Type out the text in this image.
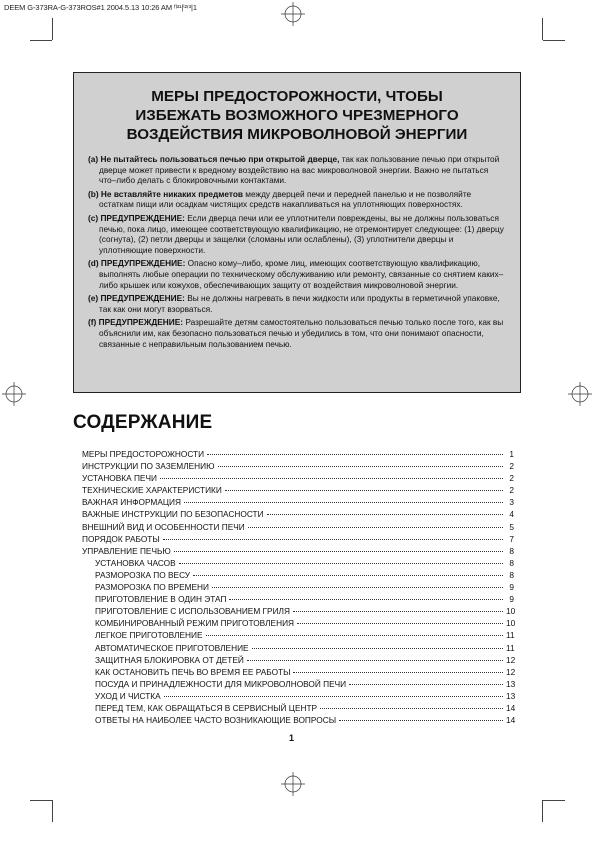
DEEM G-373RA-G-373ROS#1 2004.5.13 10:26 AM ᶠˡ³¹|ⁱ²ʳ³|1
МЕРЫ ПРЕДОСТОРОЖНОСТИ, ЧТОБЫ
ИЗБЕЖАТЬ ВОЗМОЖНОГО ЧРЕЗМЕРНОГО
ВОЗДЕЙСТВИЯ МИКРОВОЛНОВОЙ ЭНЕРГИИ
(a) Не пытайтесь пользоваться печью при открытой дверце, так как пользование печью при открытой дверце может привести к вредному воздействию на вас микроволновой энергии. Важно не пытаться что–либо делать с блокировочными контактами.
(b) Не вставляйте никаких предметов между дверцей печи и передней панелью и не позволяйте остаткам пищи или осадкам чистящих средств накапливаться на уплотняющих поверхностях.
(c) ПРЕДУПРЕЖДЕНИЕ: Если дверца печи или ее уплотнители повреждены, вы не должны пользоваться печью, пока лицо, имеющее соответствующую квалификацию, не отремонтирует следующее: (1) дверцу (согнута), (2) петли дверцы и защелки (сломаны или ослаблены), (3) уплотнители дверцы и уплотняющие поверхности.
(d) ПРЕДУПРЕЖДЕНИЕ: Опасно кому–либо, кроме лиц, имеющих соответствующую квалификацию, выполнять любые операции по техническому обслуживанию или ремонту, связанные со снятием каких–либо крышек или кожухов, обеспечивающих защиту от воздействия микроволновой энергии.
(e) ПРЕДУПРЕЖДЕНИЕ: Вы не должны нагревать в печи жидкости или продукты в герметичной упаковке, так как они могут взорваться.
(f) ПРЕДУПРЕЖДЕНИЕ: Разрешайте детям самостоятельно пользоваться печью только после того, как вы объяснили им, как безопасно пользоваться печью и убедились в том, что они понимают опасности, связанные с неправильным пользованием печью.
СОДЕРЖАНИЕ
МЕРЫ ПРЕДОСТОРОЖНОСТИ	1
ИНСТРУКЦИИ ПО ЗАЗЕМЛЕНИЮ	2
УСТАНОВКА ПЕЧИ	2
ТЕХНИЧЕСКИЕ ХАРАКТЕРИСТИКИ	2
ВАЖНАЯ ИНФОРМАЦИЯ	3
ВАЖНЫЕ ИНСТРУКЦИИ ПО БЕЗОПАСНОСТИ	4
ВНЕШНИЙ ВИД И ОСОБЕННОСТИ ПЕЧИ	5
ПОРЯДОК РАБОТЫ	7
УПРАВЛЕНИЕ ПЕЧЬЮ	8
УСТАНОВКА ЧАСОВ	8
РАЗМОРОЗКА ПО ВЕСУ	8
РАЗМОРОЗКА ПО ВРЕМЕНИ	9
ПРИГОТОВЛЕНИЕ В ОДИН ЭТАП	9
ПРИГОТОВЛЕНИЕ С ИСПОЛЬЗОВАНИЕМ ГРИЛЯ	10
КОМБИНИРОВАННЫЙ РЕЖИМ ПРИГОТОВЛЕНИЯ	10
ЛЕГКОЕ ПРИГОТОВЛЕНИЕ	11
АВТОМАТИЧЕСКОЕ ПРИГОТОВЛЕНИЕ	11
ЗАЩИТНАЯ БЛОКИРОВКА ОТ ДЕТЕЙ	12
КАК ОСТАНОВИТЬ ПЕЧЬ ВО ВРЕМЯ ЕЕ РАБОТЫ	12
ПОСУДА И ПРИНАДЛЕЖНОСТИ ДЛЯ МИКРОВОЛНОВОЙ ПЕЧИ	13
УХОД И ЧИСТКА	13
ПЕРЕД ТЕМ, КАК ОБРАЩАТЬСЯ В СЕРВИСНЫЙ ЦЕНТР	14
ОТВЕТЫ НА НАИБОЛЕЕ ЧАСТО ВОЗНИКАЮЩИЕ ВОПРОСЫ	14
1
